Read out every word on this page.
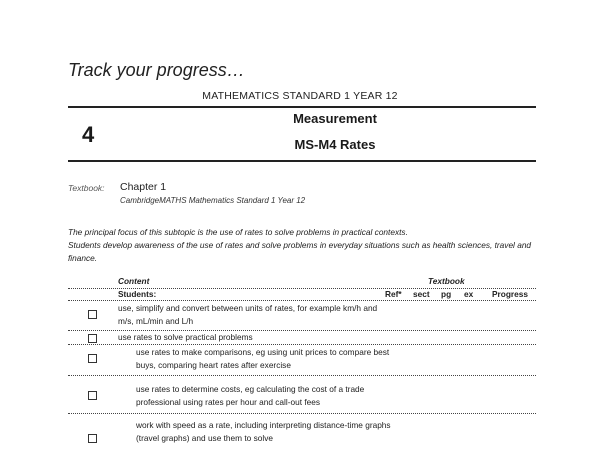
Track your progress…
MATHEMATICS STANDARD 1 YEAR 12
4
Measurement
MS-M4 Rates
Textbook: Chapter 1
CambridgeMATHS Mathematics Standard 1 Year 12

The principal focus of this subtopic is the use of rates to solve problems in practical contexts.

Students develop awareness of the use of rates and solve problems in everyday situations such as health sciences, travel and finance.

Content	Textbook
Students:	Ref* sect pg ex Progress
use, simplify and convert between units of rates, for example km/h and m/s, mL/min and L/h
use rates to solve practical problems
use rates to make comparisons, eg using unit prices to compare best buys, comparing heart rates after exercise
use rates to determine costs, eg calculating the cost of a trade professional using rates per hour and call-out fees
work with speed as a rate, including interpreting distance-time graphs (travel graphs) and use them to solve
